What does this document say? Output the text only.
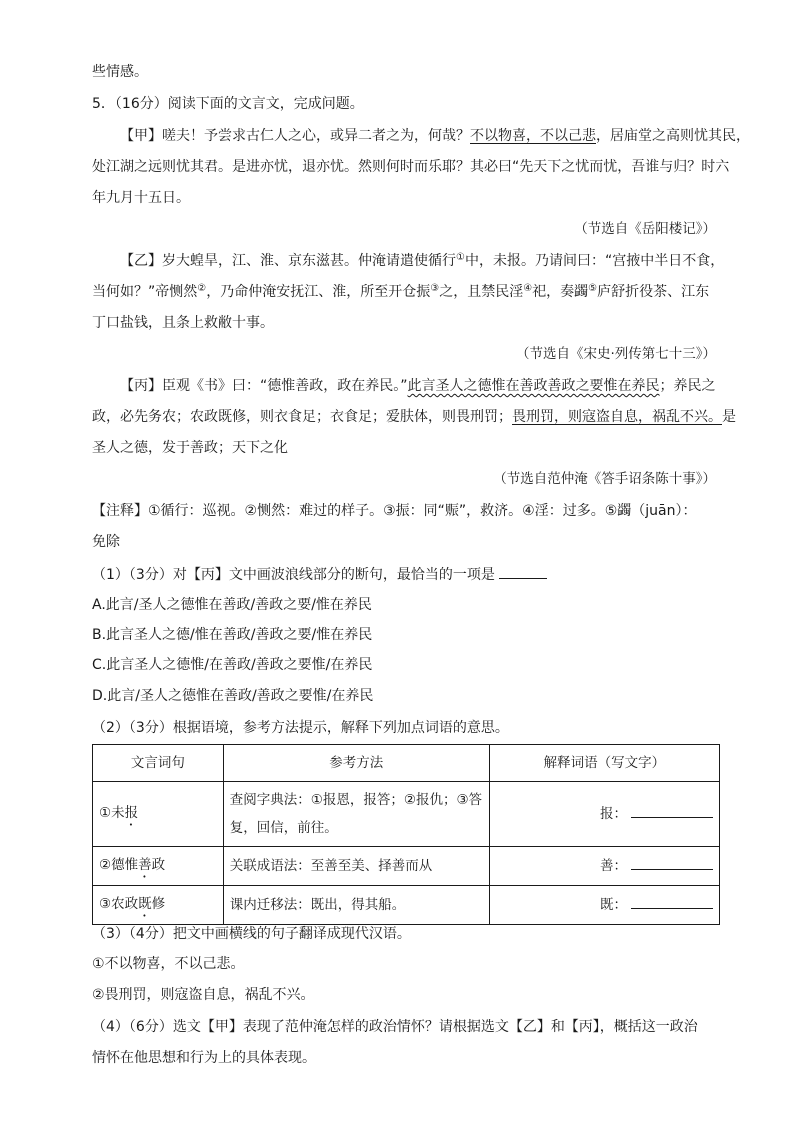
些情感。
5．（16分）阅读下面的文言文，完成问题。
【甲】嗟夫！予尝求古仁人之心，或异二者之为，何哉？不以物喜，不以己悲，居庙堂之高则忧其民，
处江湖之远则忧其君。是进亦忧，退亦忧。然则何时而乐耶？其必曰“先天下之忧而忧，吾谁与归？时六
年九月十五日。
（节选自《岳阳楼记》）
【乙】岁大蝗旱，江、淮、京东滋甚。仲淹请遣使循行①中，未报。乃请间曰：“宫掖中半日不食，
当何如？”帝恻然②，乃命仲淹安抚江、淮，所至开仓振③之，且禁民淫④祀，奏蠲⑤庐舒折役茶、江东
丁口盐钱，且条上救敝十事。
（节选自《宋史·列传第七十三》）
【丙】臣观《书》曰：“德惟善政，政在养民。”此言圣人之德惟在善政善政之要惟在养民；养民之
政，必先务农；农政既修，则衣食足；衣食足；爱肤体，则畏刑罚；畏刑罚，则寇盗自息，祸乱不兴。是
圣人之德，发于善政；天下之化
（节选自范仲淹《答手诏条陈十事》）
【注释】①循行：巡视。②恻然：难过的样子。③振：同“赈”，救济。④淫：过多。⑤蠲（juān）：
免除
（1）（3分）对【丙】文中画波浪线部分的断句，最恰当的一项是
A.此言/圣人之德惟在善政/善政之要/惟在养民
B.此言圣人之德/惟在善政/善政之要/惟在养民
C.此言圣人之德惟/在善政/善政之要惟/在养民
D.此言/圣人之德惟在善政/善政之要惟/在养民
（2）（3分）根据语境，参考方法提示，解释下列加点词语的意思。
文言词句	参考方法	解释词语（写文字）
①未报	查阅字典法：①报恩，报答；②报仇；③答复，回信，前往。	报：
②德惟善政	关联成语法：至善至美、择善而从	善：
③农政既修	课内迁移法：既出，得其船。	既：
（3）（4分）把文中画横线的句子翻译成现代汉语。
①不以物喜，不以己悲。
②畏刑罚，则寇盗自息，祸乱不兴。
（4）（6分）选文【甲】表现了范仲淹怎样的政治情怀？请根据选文【乙】和【丙】，概括这一政治
情怀在他思想和行为上的具体表现。
